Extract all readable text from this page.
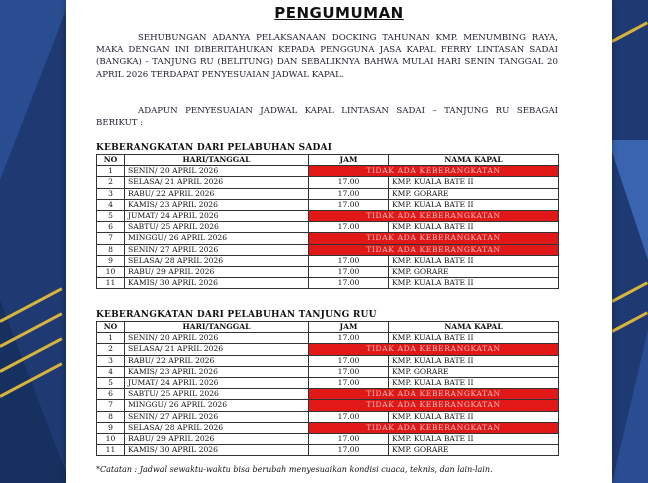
PENGUMUMAN
SEHUBUNGAN ADANYA PELAKSANAAN DOCKING TAHUNAN KMP. MENUMBING RAYA, MAKA DENGAN INI DIBERITAHUKAN KEPADA PENGGUNA JASA KAPAL FERRY LINTASAN SADAI (BANGKA) - TANJUNG RU (BELITUNG) DAN SEBALIKNYA BAHWA MULAI HARI SENIN TANGGAL 20 APRIL 2026 TERDAPAT PENYESUAIAN JADWAL KAPAL.
ADAPUN PENYESUAIAN JADWAL KAPAL LINTASAN SADAI – TANJUNG RU SEBAGAI BERIKUT :
KEBERANGKATAN DARI PELABUHAN SADAI
NO	HARI/TANGGAL	JAM	NAMA KAPAL
1	SENIN/ 20 APRIL 2026	TIDAK ADA KEBERANGKATAN	
2	SELASA/ 21 APRIL 2026	17.00	KMP. KUALA BATE II
3	RABU/ 22 APRIL 2026	17.00	KMP. GORARE
4	KAMIS/ 23 APRIL 2026	17.00	KMP. KUALA BATE II
5	JUMAT/ 24 APRIL 2026	TIDAK ADA KEBERANGKATAN	
6	SABTU/ 25 APRIL 2026	17.00	KMP. KUALA BATE II
7	MINGGU/ 26 APRIL 2026	TIDAK ADA KEBERANGKATAN	
8	SENIN/ 27 APRIL 2026	TIDAK ADA KEBERANGKATAN	
9	SELASA/ 28 APRIL 2026	17.00	KMP. KUALA BATE II
10	RABU/ 29 APRIL 2026	17.00	KMP. GORARE
11	KAMIS/ 30 APRIL 2026	17.00	KMP. KUALA BATE II
KEBERANGKATAN DARI PELABUHAN TANJUNG RUU
NO	HARI/TANGGAL	JAM	NAMA KAPAL
1	SENIN/ 20 APRIL 2026	17.00	KMP. KUALA BATE II
2	SELASA/ 21 APRIL 2026	TIDAK ADA KEBERANGKATAN	
3	RABU/ 22 APRIL 2026	17.00	KMP. KUALA BATE II
4	KAMIS/ 23 APRIL 2026	17.00	KMP. GORARE
5	JUMAT/ 24 APRIL 2026	17.00	KMP. KUALA BATE II
6	SABTU/ 25 APRIL 2026	TIDAK ADA KEBERANGKATAN	
7	MINGGU/ 26 APRIL 2026	TIDAK ADA KEBERANGKATAN	
8	SENIN/ 27 APRIL 2026	17.00	KMP. KUALA BATE II
9	SELASA/ 28 APRIL 2026	TIDAK ADA KEBERANGKATAN	
10	RABU/ 29 APRIL 2026	17.00	KMP. KUALA BATE II
11	KAMIS/ 30 APRIL 2026	17.00	KMP. GORARE
*Catatan : Jadwal sewaktu-waktu bisa berubah menyesuaikan kondisi cuaca, teknis, dan lain-lain.
